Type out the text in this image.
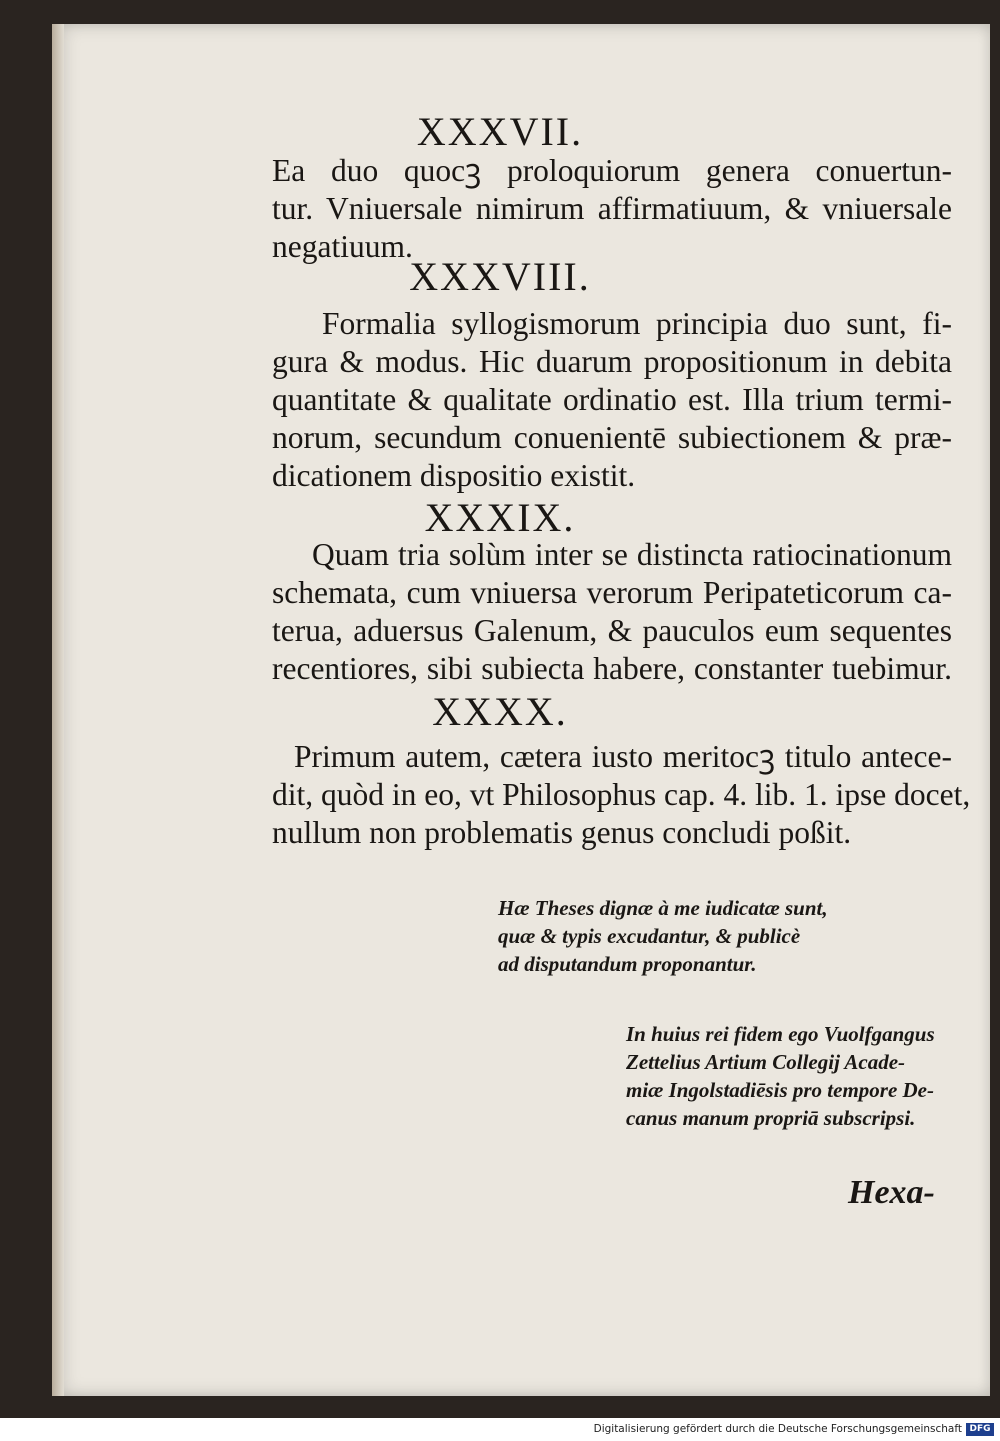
XXXVII.
Ea duo quocꝫ proloquiorum genera conuertun-
tur. Vniuersale nimirum affirmatiuum, & vniuersale
negatiuum.
XXXVIII.
Formalia syllogismorum principia duo sunt, fi-
gura & modus. Hic duarum propositionum in debita
quantitate & qualitate ordinatio est. Illa trium termi-
norum, secundum conuenientē subiectionem & præ-
dicationem dispositio existit.
XXXIX.
Quam tria solùm inter se distincta ratiocinationum
schemata, cum vniuersa verorum Peripateticorum ca-
terua, aduersus Galenum, & pauculos eum sequentes
recentiores, sibi subiecta habere, constanter tuebimur.
XXXX.
Primum autem, cætera iusto meritocꝫ titulo antece-
dit, quòd in eo, vt Philosophus cap. 4. lib. 1. ipse docet,
nullum non problematis genus concludi poßit.
Hæ Theses dignæ à me iudicatæ sunt,
quæ & typis excudantur, & publicè
ad disputandum proponantur.
In huius rei fidem ego Vuolfgangus
Zettelius Artium Collegij Acade-
miæ Ingolstadiēsis pro tempore De-
canus manum propriā subscripsi.
Hexa-
Digitalisierung gefördert durch die Deutsche Forschungsgemeinschaft DFG
